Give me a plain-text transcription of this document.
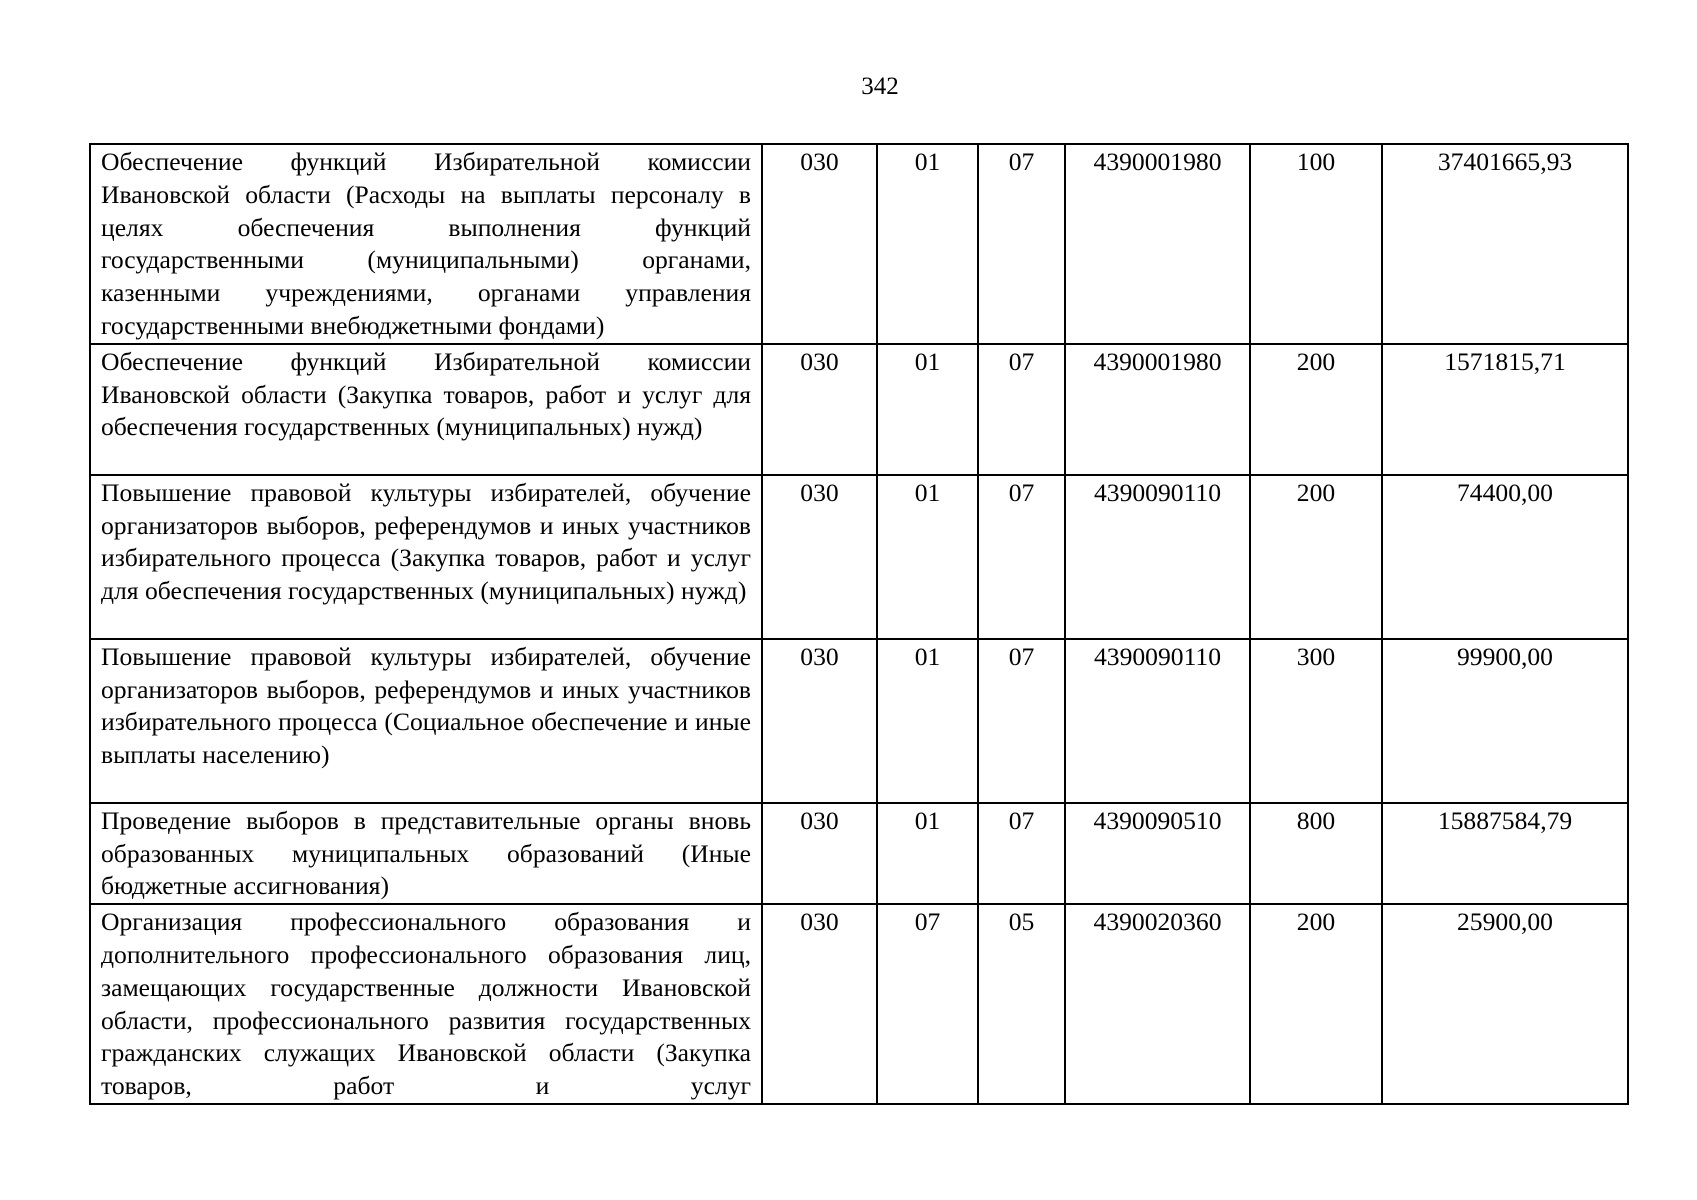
342
Обеспечение функций Избирательной комиссии Ивановской области (Расходы на выплаты персоналу в целях обеспечения выполнения функций государственными (муниципальными) органами, казенными учреждениями, органами управления государственными внебюджетными фондами)	030	01	07	4390001980	100	37401665,93
Обеспечение функций Избирательной комиссии Ивановской области (Закупка товаров, работ и услуг для обеспечения государственных (муниципальных) нужд)	030	01	07	4390001980	200	1571815,71
Повышение правовой культуры избирателей, обучение организаторов выборов, референдумов и иных участников избирательного процесса (Закупка товаров, работ и услуг для обеспечения государственных (муниципальных) нужд)	030	01	07	4390090110	200	74400,00
Повышение правовой культуры избирателей, обучение организаторов выборов, референдумов и иных участников избирательного процесса (Социальное обеспечение и иные выплаты населению)	030	01	07	4390090110	300	99900,00
Проведение выборов в представительные органы вновь образованных муниципальных образований (Иные бюджетные ассигнования)	030	01	07	4390090510	800	15887584,79
Организация профессионального образования и дополнительного профессионального образования лиц, замещающих государственные должности Ивановской области, профессионального развития государственных гражданских служащих Ивановской области (Закупка товаров, работ и услуг	030	07	05	4390020360	200	25900,00
